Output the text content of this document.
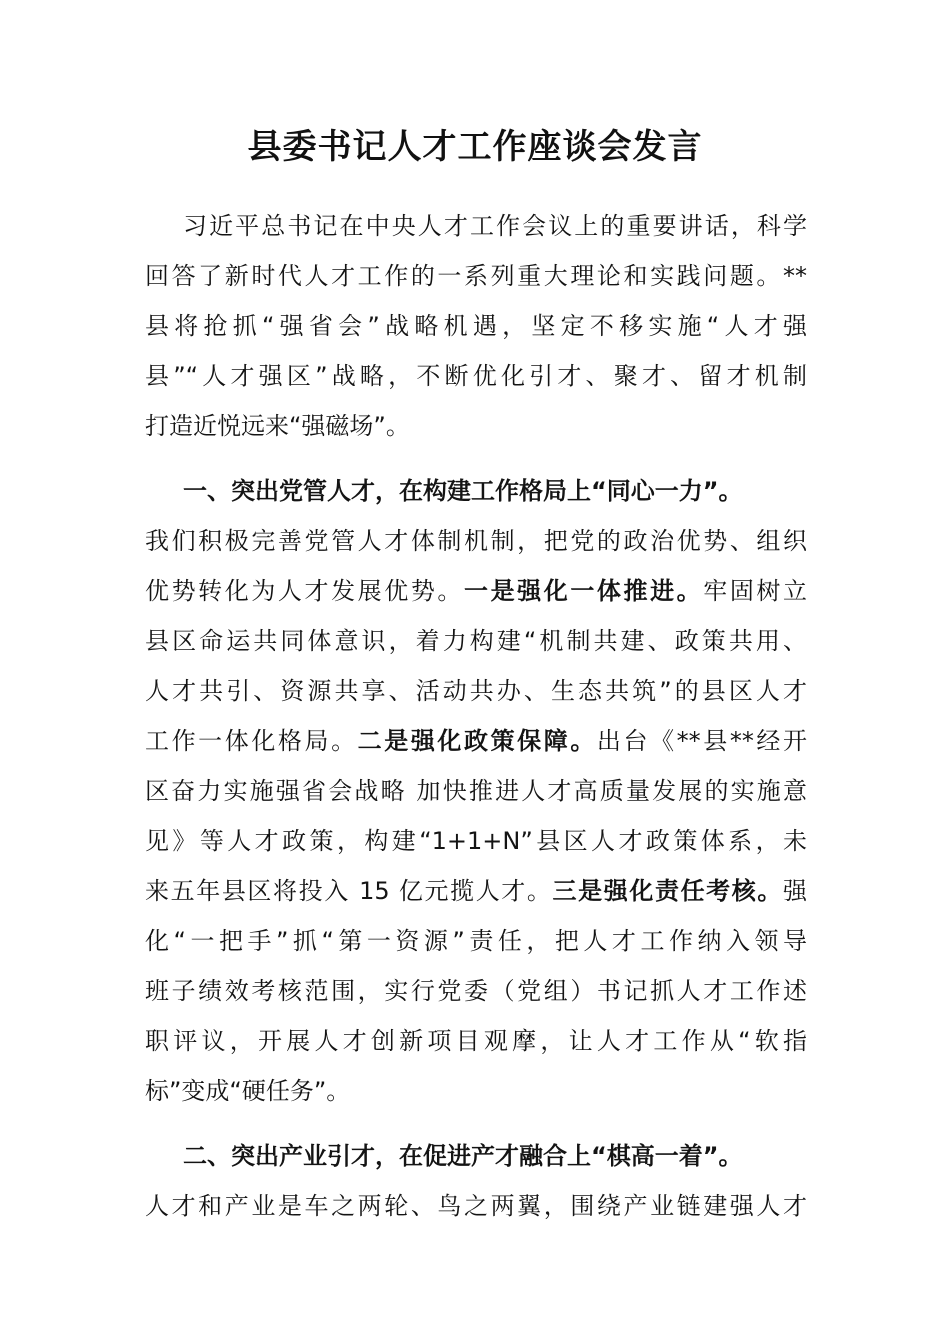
县委书记人才工作座谈会发言
习近平总书记在中央人才工作会议上的重要讲话，科学
回答了新时代人才工作的一系列重大理论和实践问题。**
县将抢抓“强省会”战略机遇，坚定不移实施“人才强
县”“人才强区”战略，不断优化引才、聚才、留才机制
打造近悦远来“强磁场”。
一、突出党管人才，在构建工作格局上“同心一力”。
我们积极完善党管人才体制机制，把党的政治优势、组织
优势转化为人才发展优势。一是强化一体推进。牢固树立
县区命运共同体意识，着力构建“机制共建、政策共用、
人才共引、资源共享、活动共办、生态共筑”的县区人才
工作一体化格局。二是强化政策保障。出台《**县**经开
区奋力实施强省会战略 加快推进人才高质量发展的实施意
见》等人才政策，构建“1+1+N”县区人才政策体系，未
来五年县区将投入 15 亿元揽人才。三是强化责任考核。强
化“一把手”抓“第一资源”责任，把人才工作纳入领导
班子绩效考核范围，实行党委（党组）书记抓人才工作述
职评议，开展人才创新项目观摩，让人才工作从“软指
标”变成“硬任务”。
二、突出产业引才，在促进产才融合上“棋高一着”。
人才和产业是车之两轮、鸟之两翼，围绕产业链建强人才
